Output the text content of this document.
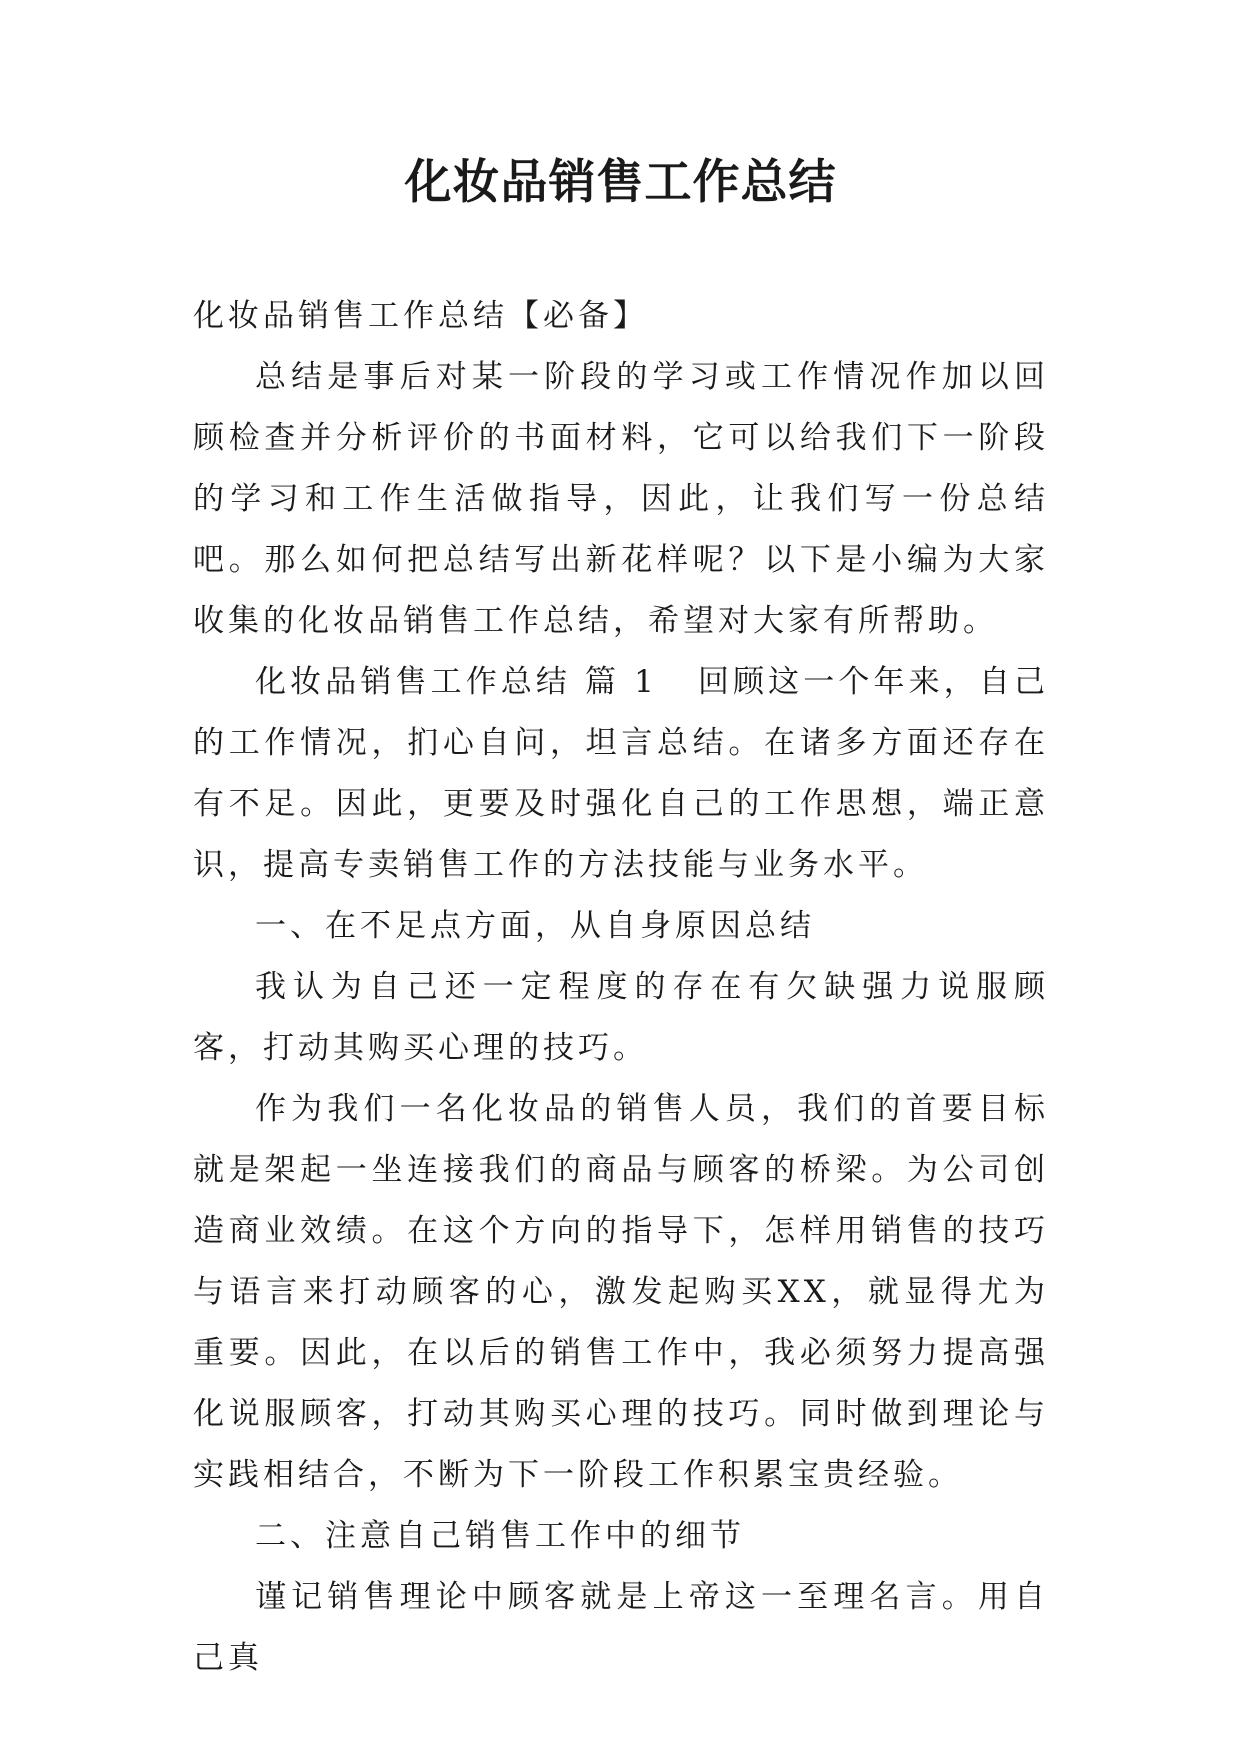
化妆品销售工作总结

化妆品销售工作总结【必备】

总结是事后对某一阶段的学习或工作情况作加以回顾检查并分析评价的书面材料，它可以给我们下一阶段的学习和工作生活做指导，因此，让我们写一份总结吧。那么如何把总结写出新花样呢？以下是小编为大家收集的化妆品销售工作总结，希望对大家有所帮助。

化妆品销售工作总结 篇 1 回顾这一个年来，自己的工作情况，扪心自问，坦言总结。在诸多方面还存在有不足。因此，更要及时强化自己的工作思想，端正意识，提高专卖销售工作的方法技能与业务水平。

一、在不足点方面，从自身原因总结

我认为自己还一定程度的存在有欠缺强力说服顾客，打动其购买心理的技巧。

作为我们一名化妆品的销售人员，我们的首要目标就是架起一坐连接我们的商品与顾客的桥梁。为公司创造商业效绩。在这个方向的指导下，怎样用销售的技巧与语言来打动顾客的心，激发起购买XX，就显得尤为重要。因此，在以后的销售工作中，我必须努力提高强化说服顾客，打动其购买心理的技巧。同时做到理论与实践相结合，不断为下一阶段工作积累宝贵经验。

二、注意自己销售工作中的细节

谨记销售理论中顾客就是上帝这一至理名言。用自己真
